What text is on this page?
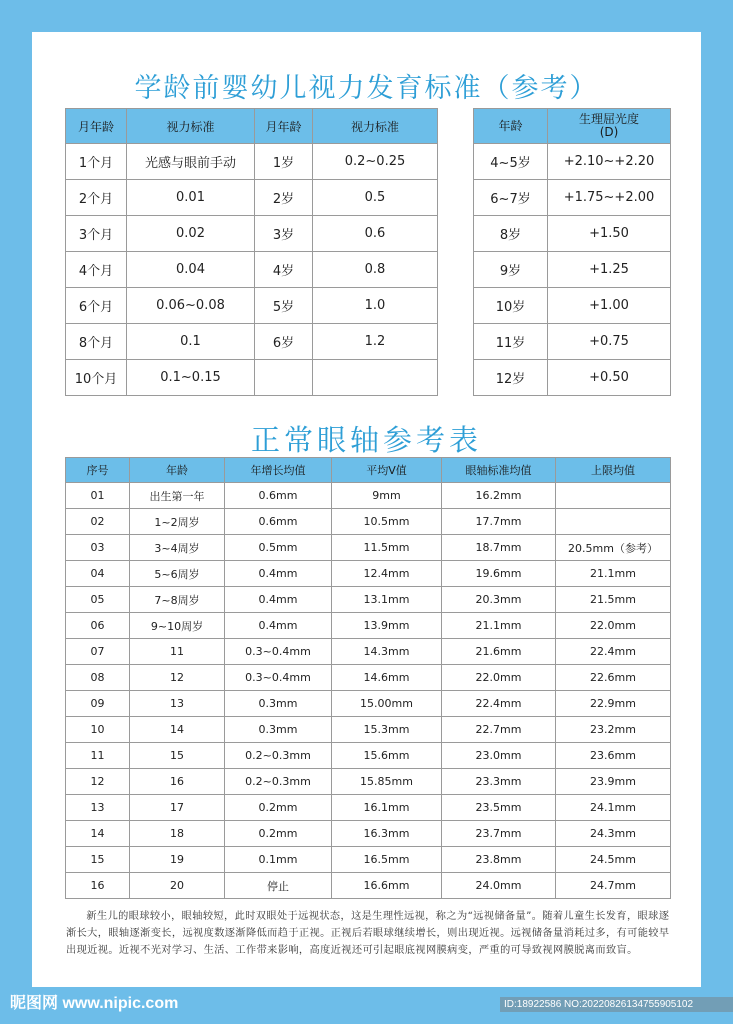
学龄前婴幼儿视力发育标准（参考）
月年龄	视力标准	月年龄	视力标准
1个月	光感与眼前手动	1岁	0.2~0.25
2个月	0.01	2岁	0.5
3个月	0.02	3岁	0.6
4个月	0.04	4岁	0.8
6个月	0.06~0.08	5岁	1.0
8个月	0.1	6岁	1.2
10个月	0.1~0.15		
年龄	生理屈光度
(D)
4~5岁	+2.10~+2.20
6~7岁	+1.75~+2.00
8岁	+1.50
9岁	+1.25
10岁	+1.00
11岁	+0.75
12岁	+0.50
正常眼轴参考表
序号	年龄	年增长均值	平均V值	眼轴标准均值	上限均值
01	出生第一年	0.6mm	9mm	16.2mm	
02	1~2周岁	0.6mm	10.5mm	17.7mm	
03	3~4周岁	0.5mm	11.5mm	18.7mm	20.5mm（参考）
04	5~6周岁	0.4mm	12.4mm	19.6mm	21.1mm
05	7~8周岁	0.4mm	13.1mm	20.3mm	21.5mm
06	9~10周岁	0.4mm	13.9mm	21.1mm	22.0mm
07	11	0.3~0.4mm	14.3mm	21.6mm	22.4mm
08	12	0.3~0.4mm	14.6mm	22.0mm	22.6mm
09	13	0.3mm	15.00mm	22.4mm	22.9mm
10	14	0.3mm	15.3mm	22.7mm	23.2mm
11	15	0.2~0.3mm	15.6mm	23.0mm	23.6mm
12	16	0.2~0.3mm	15.85mm	23.3mm	23.9mm
13	17	0.2mm	16.1mm	23.5mm	24.1mm
14	18	0.2mm	16.3mm	23.7mm	24.3mm
15	19	0.1mm	16.5mm	23.8mm	24.5mm
16	20	停止	16.6mm	24.0mm	24.7mm
新生儿的眼球较小，眼轴较短，此时双眼处于远视状态，这是生理性远视，称之为“远视储备量”。随着儿童生长发育，眼球逐渐长大，眼轴逐渐变长，远视度数逐渐降低而趋于正视。正视后若眼球继续增长，则出现近视。远视储备量消耗过多，有可能较早出现近视。近视不光对学习、生活、工作带来影响，高度近视还可引起眼底视网膜病变，严重的可导致视网膜脱离而致盲。
昵图网 www.nipic.com	ID:18922586 NO:20220826134755905102
